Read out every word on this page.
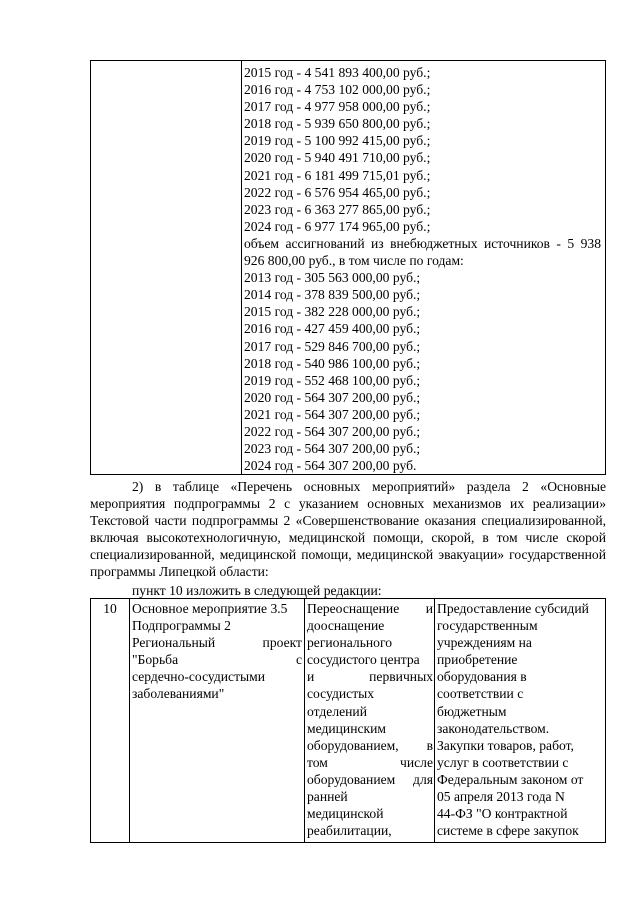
2015 год - 4 541 893 400,00 руб.;
2016 год - 4 753 102 000,00 руб.;
2017 год - 4 977 958 000,00 руб.;
2018 год - 5 939 650 800,00 руб.;
2019 год - 5 100 992 415,00 руб.;
2020 год - 5 940 491 710,00 руб.;
2021 год - 6 181 499 715,01 руб.;
2022 год - 6 576 954 465,00 руб.;
2023 год - 6 363 277 865,00 руб.;
2024 год - 6 977 174 965,00 руб.;
объем ассигнований из внебюджетных источников - 5 938 926 800,00 руб., в том числе по годам:
2013 год - 305 563 000,00 руб.;
2014 год - 378 839 500,00 руб.;
2015 год - 382 228 000,00 руб.;
2016 год - 427 459 400,00 руб.;
2017 год - 529 846 700,00 руб.;
2018 год - 540 986 100,00 руб.;
2019 год - 552 468 100,00 руб.;
2020 год - 564 307 200,00 руб.;
2021 год - 564 307 200,00 руб.;
2022 год - 564 307 200,00 руб.;
2023 год - 564 307 200,00 руб.;
2024 год - 564 307 200,00 руб.

2) в таблице «Перечень основных мероприятий» раздела 2 «Основные мероприятия подпрограммы 2 с указанием основных механизмов их реализации» Текстовой части подпрограммы 2 «Совершенствование оказания специализированной, включая высокотехнологичную, медицинской помощи, скорой, в том числе скорой специализированной, медицинской помощи, медицинской эвакуации» государственной программы Липецкой области:

пункт 10 изложить в следующей редакции:
10	Основное мероприятие 3.5
Подпрограммы 2
Региональный проект
"Борьба с
сердечно-сосудистыми
заболеваниями"
Переоснащение и
дооснащение
регионального
сосудистого центра
и первичных
сосудистых
отделений
медицинским
оборудованием, в
том числе
оборудованием для
ранней
медицинской
реабилитации,
Предоставление субсидий
государственным
учреждениям на
приобретение
оборудования в
соответствии с
бюджетным
законодательством.
Закупки товаров, работ,
услуг в соответствии с
Федеральным законом от
05 апреля 2013 года N
44-ФЗ "О контрактной
системе в сфере закупок
